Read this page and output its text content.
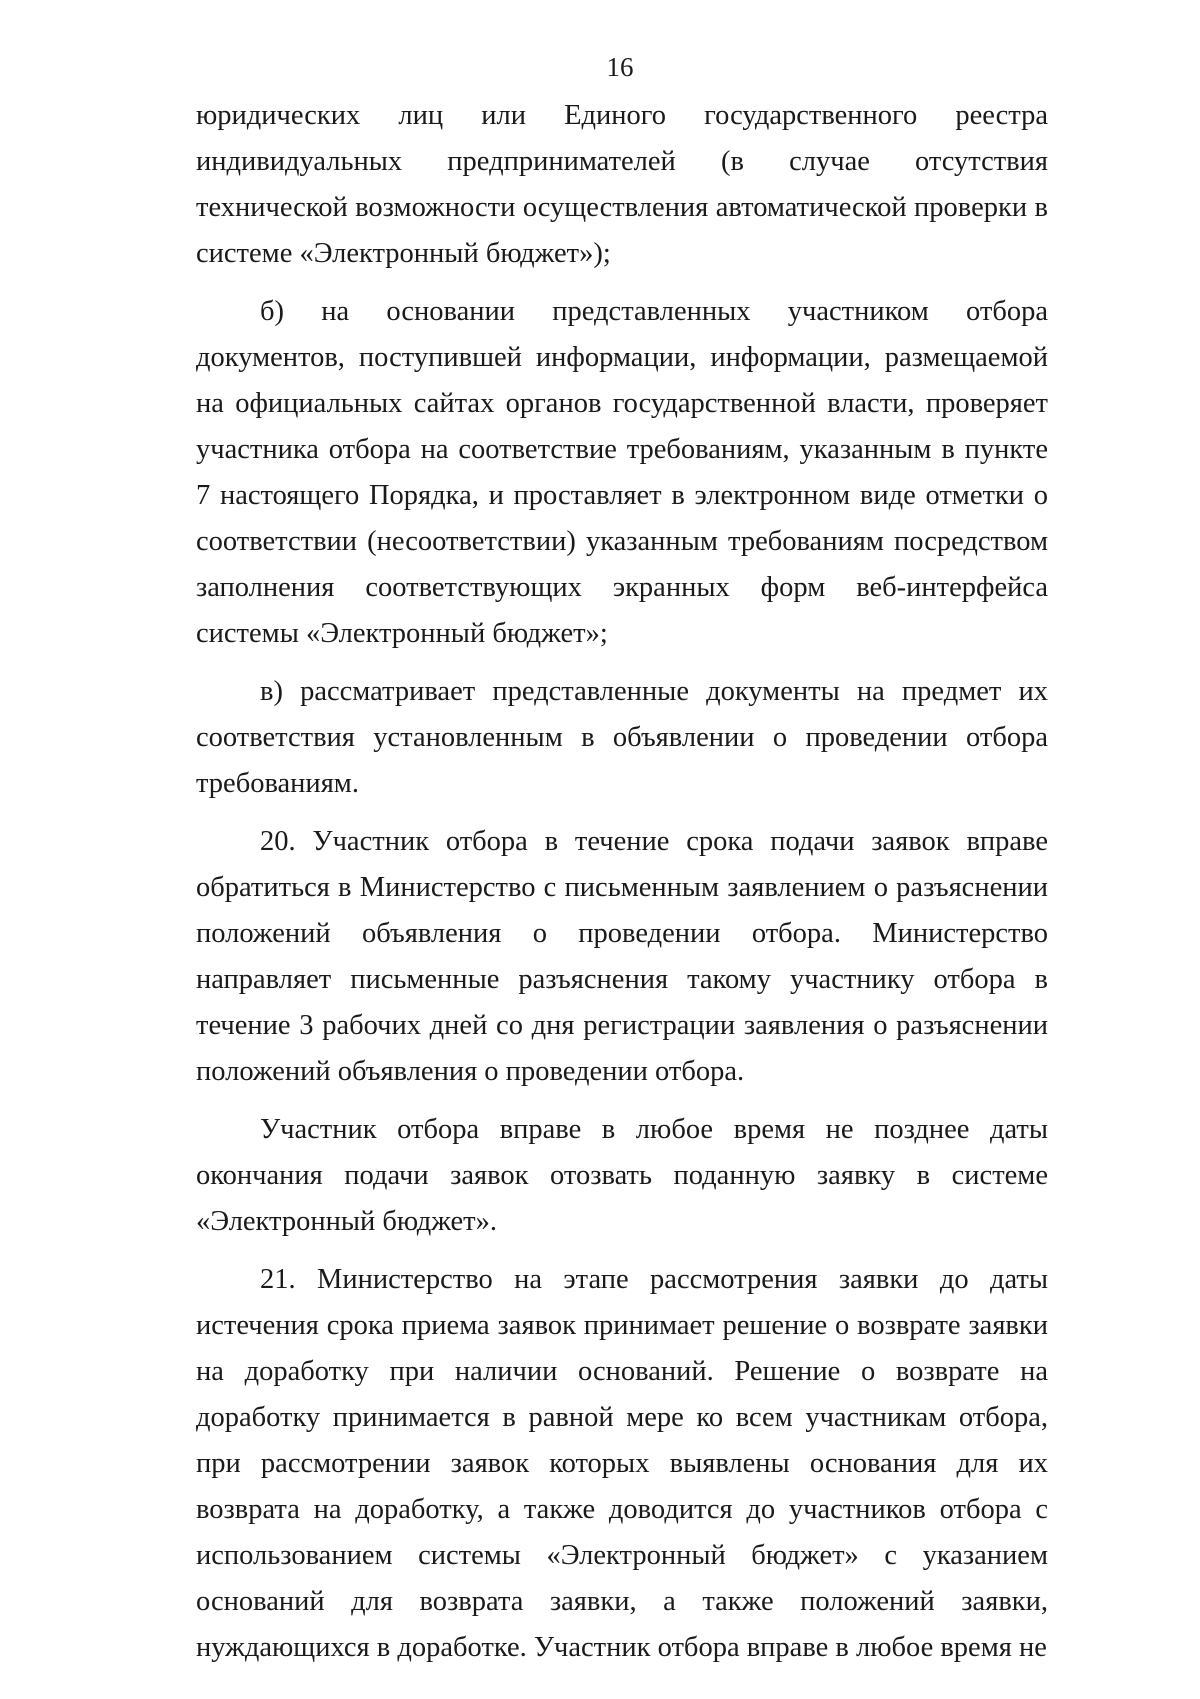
16

юридических лиц или Единого государственного реестра индивидуальных предпринимателей (в случае отсутствия технической возможности осуществления автоматической проверки в системе «Электронный бюджет»);

б) на основании представленных участником отбора документов, поступившей информации, информации, размещаемой на официальных сайтах органов государственной власти, проверяет участника отбора на соответствие требованиям, указанным в пункте 7 настоящего Порядка, и проставляет в электронном виде отметки о соответствии (несоответствии) указанным требованиям посредством заполнения соответствующих экранных форм веб-интерфейса системы «Электронный бюджет»;

в) рассматривает представленные документы на предмет их соответствия установленным в объявлении о проведении отбора требованиям.

20. Участник отбора в течение срока подачи заявок вправе обратиться в Министерство с письменным заявлением о разъяснении положений объявления о проведении отбора. Министерство направляет письменные разъяснения такому участнику отбора в течение 3 рабочих дней со дня регистрации заявления о разъяснении положений объявления о проведении отбора.

Участник отбора вправе в любое время не позднее даты окончания подачи заявок отозвать поданную заявку в системе «Электронный бюджет».

21. Министерство на этапе рассмотрения заявки до даты истечения срока приема заявок принимает решение о возврате заявки на доработку при наличии оснований. Решение о возврате на доработку принимается в равной мере ко всем участникам отбора, при рассмотрении заявок которых выявлены основания для их возврата на доработку, а также доводится до участников отбора с использованием системы «Электронный бюджет» с указанием оснований для возврата заявки, а также положений заявки, нуждающихся в доработке. Участник отбора вправе в любое время не
